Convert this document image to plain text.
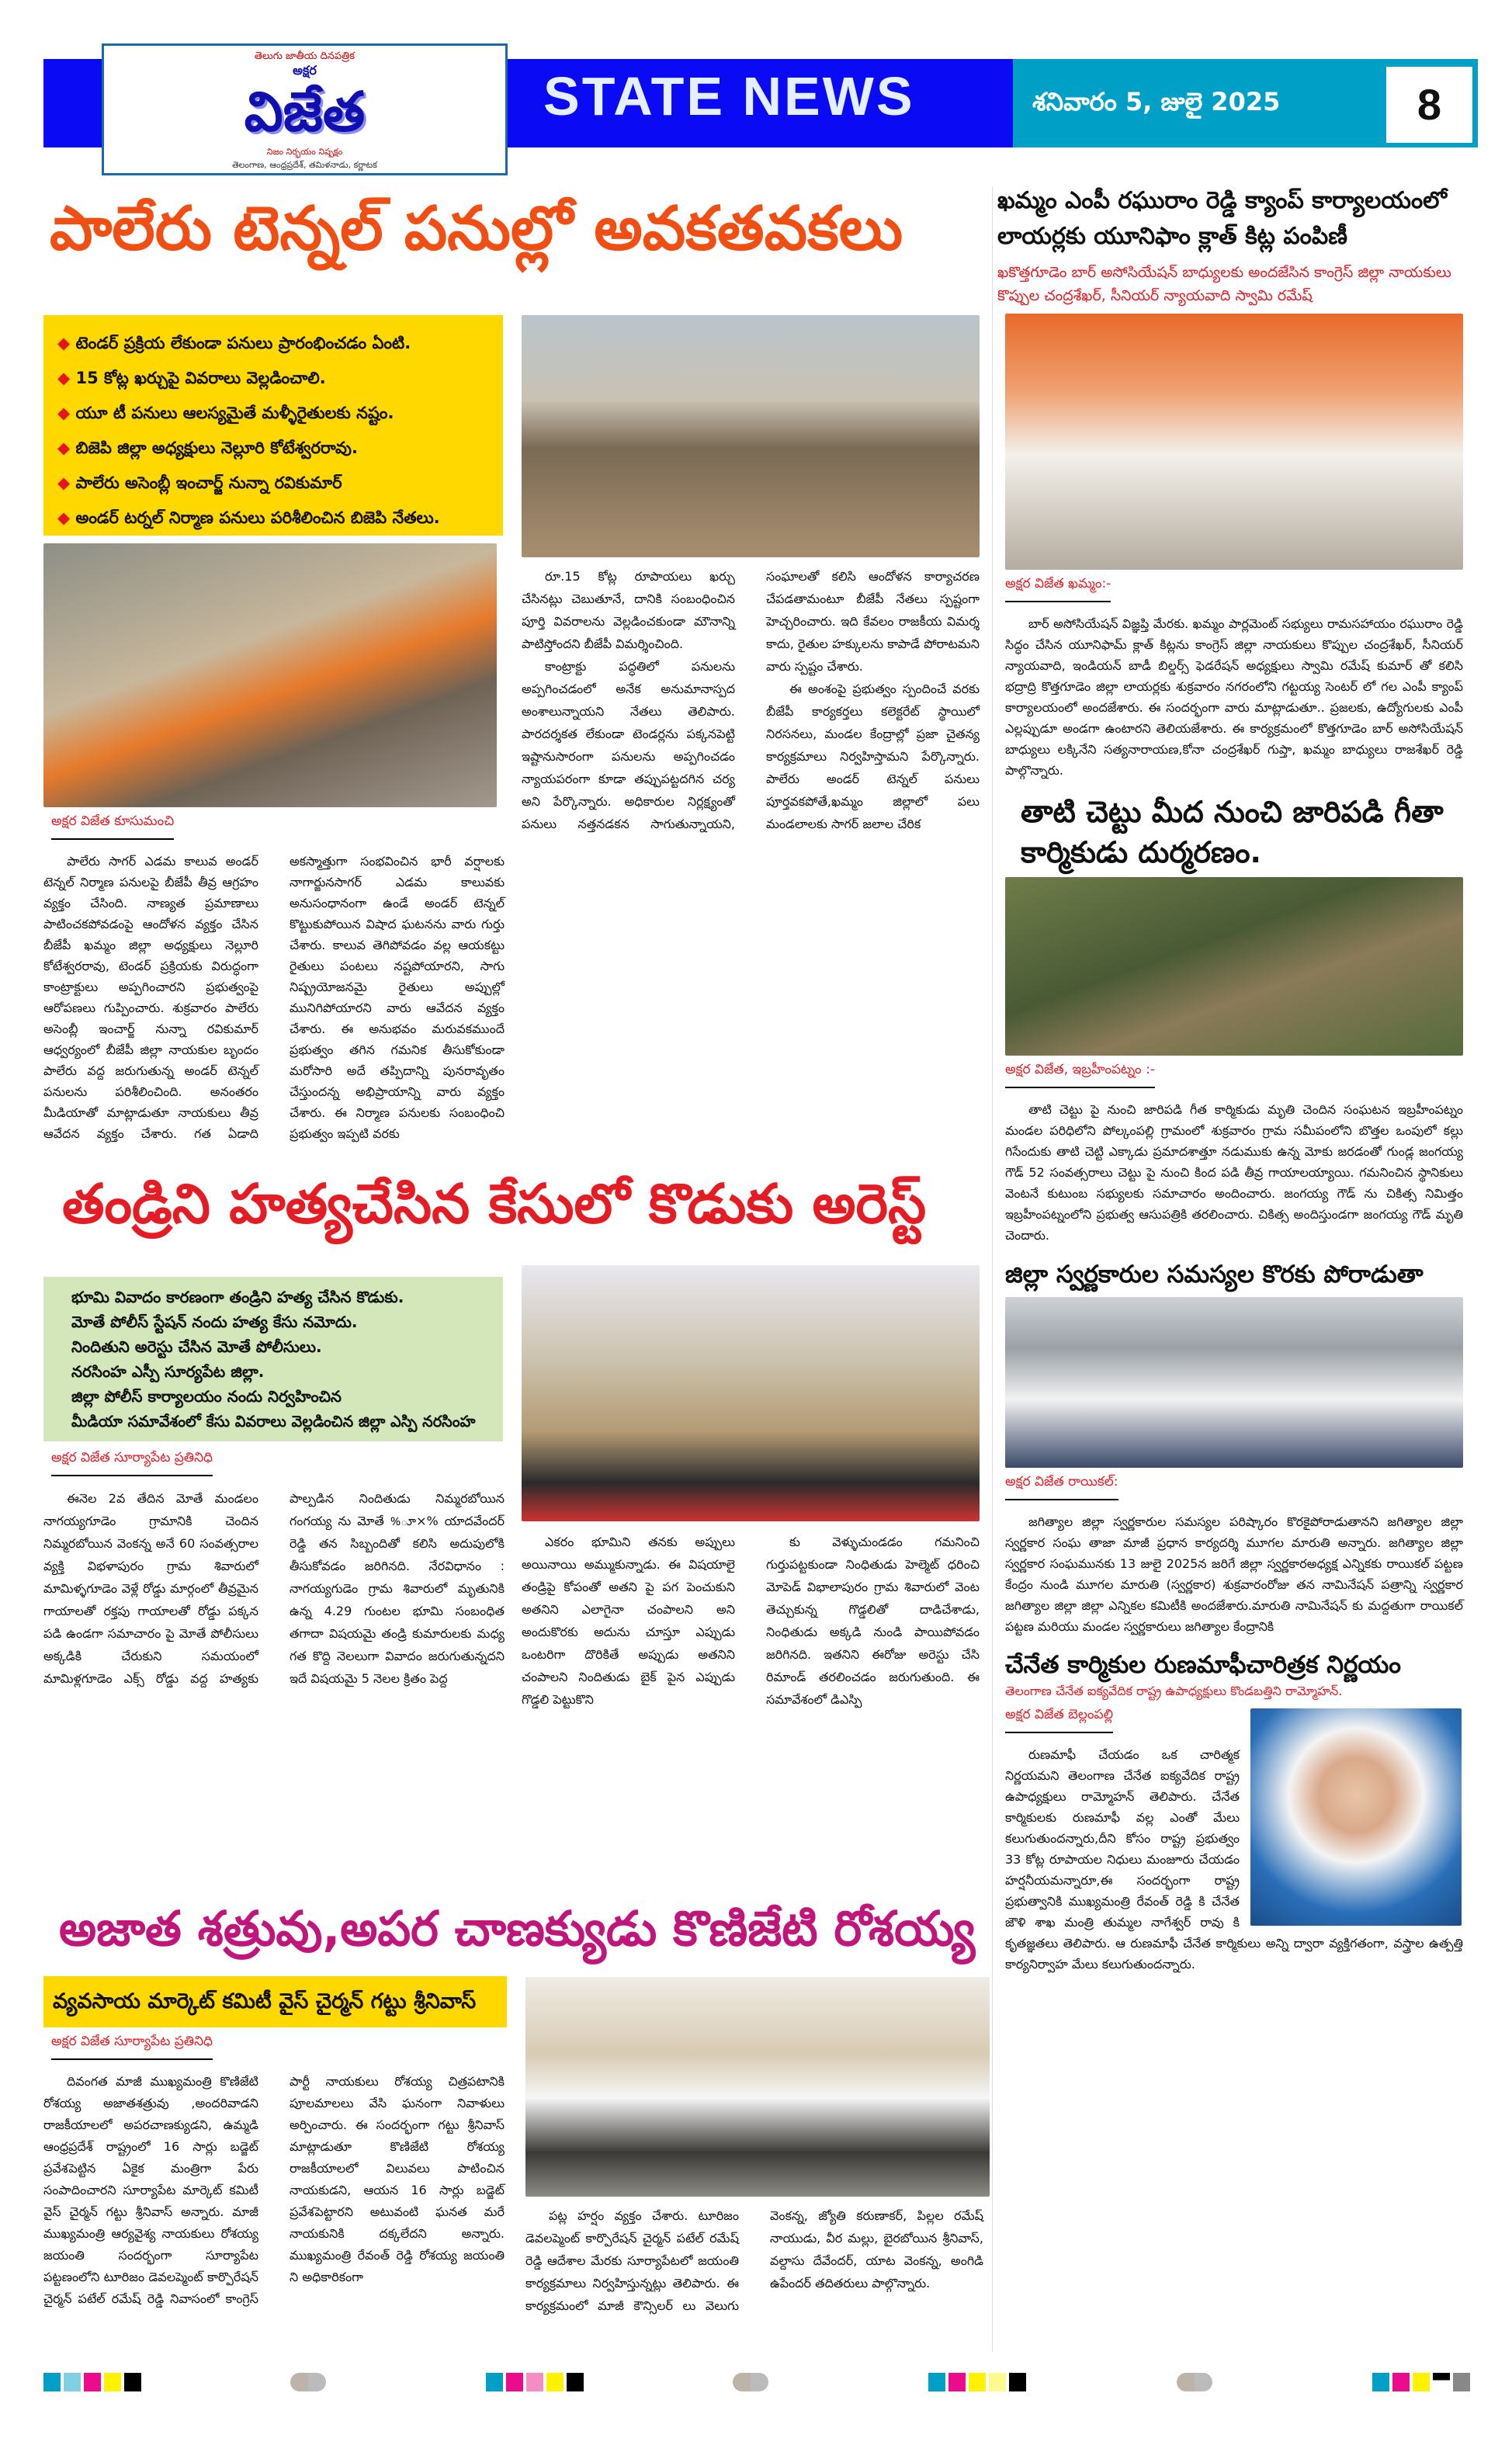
తెలుగు జాతీయ దినపత్రిక
అక్షర
విజేత
నిజం నిర్భయం నిష్పక్షం
తెలంగాణ, ఆంధ్రప్రదేశ్, తమిళనాడు, కర్ణాటక
STATE NEWS	శనివారం 5, జులై 2025	8
పాలేరు టెన్నల్ పనుల్లో అవకతవకలు
◆ టెండర్ ప్రక్రియ లేకుండా పనులు ప్రారంభించడం ఏంటి.
◆ 15 కోట్ల ఖర్చుపై వివరాలు వెల్లడించాలి.
◆ యూ టీ పనులు ఆలస్యమైతే మళ్ళీరైతులకు నష్టం.
◆ బిజెపి జిల్లా అధ్యక్షులు నెల్లూరి కోటేశ్వరరావు.
◆ పాలేరు అసెంబ్లీ ఇంచార్జ్ నున్నా రవికుమార్
◆ అండర్ టర్నల్ నిర్మాణ పనులు పరిశీలించిన బిజెపి నేతలు.
అక్షర విజేత కూసుమంచి

పాలేరు సాగర్ ఎడమ కాలువ అండర్ టెన్నల్ నిర్మాణ పనులపై బీజేపీ తీవ్ర ఆగ్రహం వ్యక్తం చేసింది. నాణ్యత ప్రమాణాలు పాటించకపోవడంపై ఆందోళన వ్యక్తం చేసిన బీజేపీ ఖమ్మం జిల్లా అధ్యక్షులు నెల్లూరి కోటేశ్వరరావు, టెండర్ ప్రక్రియకు విరుద్ధంగా కాంట్రాక్టులు అప్పగించారని ప్రభుత్వంపై ఆరోపణలు గుప్పించారు. శుక్రవారం పాలేరు అసెంబ్లీ ఇంచార్జ్ నున్నా రవికుమార్ ఆధ్వర్యంలో బీజేపీ జిల్లా నాయకుల బృందం పాలేరు వద్ద జరుగుతున్న అండర్ టెన్నల్ పనులను పరిశీలించింది. అనంతరం మీడియాతో మాట్లాడుతూ నాయకులు తీవ్ర ఆవేదన వ్యక్తం చేశారు. గత ఏడాది అకస్మాత్తుగా సంభవించిన భారీ వర్షాలకు నాగార్జునసాగర్ ఎడమ కాలువకు అనుసంధానంగా ఉండే అండర్ టెన్నల్ కొట్టుకుపోయిన విషాద ఘటనను వారు గుర్తు చేశారు. కాలువ తెగిపోవడం వల్ల ఆయకట్టు రైతులు పంటలు నష్టపోయారని, సాగు నిష్ప్రయోజనమై రైతులు అప్పుల్లో మునిగిపోయారని వారు ఆవేదన వ్యక్తం చేశారు. ఈ అనుభవం మరువకముందే ప్రభుత్వం తగిన గమనిక తీసుకోకుండా మరోసారి అదే తప్పిదాన్ని పునరావృతం చేస్తుందన్న అభిప్రాయాన్ని వారు వ్యక్తం చేశారు. ఈ నిర్మాణ పనులకు సంబంధించి ప్రభుత్వం ఇప్పటి వరకు

రూ.15 కోట్ల రూపాయలు ఖర్చు చేసినట్లు చెబుతూనే, దానికి సంబంధించిన పూర్తి వివరాలను వెల్లడించకుండా మౌనాన్ని పాటిస్తోందని బీజేపీ విమర్శించింది.

కాంట్రాక్టు పద్ధతిలో పనులను అప్పగించడంలో అనేక అనుమానాస్పద అంశాలున్నాయని నేతలు తెలిపారు. పారదర్శకత లేకుండా టెండర్లను పక్కనపెట్టి ఇష్టానుసారంగా పనులను అప్పగించడం న్యాయపరంగా కూడా తప్పుపట్టదగిన చర్య అని పేర్కొన్నారు. అధికారుల నిర్లక్ష్యంతో పనులు నత్తనడకన సాగుతున్నాయని, సంఘాలతో కలిసి ఆందోళన కార్యాచరణ చేపడతామంటూ బీజేపీ నేతలు స్పష్టంగా హెచ్చరించారు. ఇది కేవలం రాజకీయ విమర్శ కాదు, రైతుల హక్కులను కాపాడే పోరాటమని వారు స్పష్టం చేశారు.

ఈ అంశంపై ప్రభుత్వం స్పందించే వరకు బీజేపీ కార్యకర్తలు కలెక్టరేట్ స్థాయిలో నిరసనలు, మండల కేంద్రాల్లో ప్రజా చైతన్య కార్యక్రమాలు నిర్వహిస్తామని పేర్కొన్నారు. పాలేరు అండర్ టెన్నల్ పనులు పూర్తవకపోతే,ఖమ్మం జిల్లాలో పలు మండలాలకు సాగర్ జలాల చేరిక

తండ్రిని హత్యచేసిన కేసులో కొడుకు అరెస్ట్
భూమి వివాదం కారణంగా తండ్రిని హత్య చేసిన కొడుకు.
మోతే పోలీస్ స్టేషన్ నందు హత్య కేసు నమోదు.
నిందితుని అరెస్టు చేసిన మోతే పోలీసులు.
నరసింహ ఎస్పీ సూర్యపేట జిల్లా.
జిల్లా పోలీస్ కార్యాలయం నందు నిర్వహించిన
మీడియా సమావేశంలో కేసు వివరాలు వెల్లడించిన జిల్లా ఎస్పి నరసింహ
అక్షర విజేత సూర్యాపేట ప్రతినిధి

ఈనెల 2వ తేదిన మోతే మండలం నాగయ్యగూడెం గ్రామానికి చెందిన నిమ్మరబోయిన వెంకన్న అనే 60 సంవత్సరాల వ్యక్తి విభళాపురం గ్రామ శివారులో మామిళ్ళగూడెం వెళ్లే రోడ్డు మార్గంలో తీవ్రమైన గాయాలతో రక్తపు గాయాలతో రోడ్డు పక్కన పడి ఉండగా సమాచారం పై మోతే పోలీసులు అక్కడికి చేరుకుని సమయంలో మామిళ్లగూడెం ఎక్స్ రోడ్డు వద్ద హత్యకు పాల్పడిన నిందితుడు నిమ్మరబోయిన గంగయ్య ను మోతే %ూ×% యాదవేందర్ రెడ్డి తన సిబ్బందితో కలిసి అదుపులోకి తీసుకోవడం జరిగినది. నేరవిధానం : నాగయ్యగుడెం గ్రామ శివారులో మృతునికి ఉన్న 4.29 గుంటల భూమి సంబంధిత తగాదా విషయమై తండ్రి కుమారులకు మధ్య గత కొద్ది నెలలుగా వివాదం జరుగుతున్నదని ఇదే విషయమై 5 నెలల క్రితం పెద్ద

ఎకరం భూమిని తనకు అప్పులు అయినాయి అమ్ముకున్నాడు. ఈ విషయాలై తండ్రిపై కోపంతో అతని పై పగ పెంచుకుని అతనిని ఎలాగైనా చంపాలని అని అందుకొరకు అదును చూస్తూ ఎప్పుడు ఒంటరిగా దొరికితే అప్పుడు అతనిని చంపాలని నిందితుడు బైక్ పైన ఎప్పుడు గొడ్డలి పెట్టుకొని

కు వెళ్ళుచుండడం గమనించి గుర్తుపట్టకుండా నింధితుడు హెల్మెట్ ధరించి మోపెడ్ విభాలాపురం గ్రామ శివారులో వెంట తెచ్చుకున్న గొడ్డలితో దాడిచేశాడు, నింధితుడు అక్కడి నుండి పాయిపోవడం జరిగినది. ఇతనిని ఈరోజు అరెస్టు చేసి రిమాండ్ తరలించడం జరుగుతుంది. ఈ సమావేశంలో డిఎస్పి

అజాత శత్రువు,అపర చాణక్యుడు కొణిజేటి రోశయ్య
వ్యవసాయ మార్కెట్ కమిటీ వైస్ చైర్మన్ గట్టు శ్రీనివాస్
అక్షర విజేత సూర్యాపేట ప్రతినిధి

దివంగత మాజీ ముఖ్యమంత్రి కొణిజేటి రోశయ్య అజాతశత్రువు ,అందరివాడని రాజకీయాలలో అపరచాణక్యుడని, ఉమ్మడి ఆంధ్రప్రదేశ్ రాష్ట్రంలో 16 సార్లు బడ్జెట్ ప్రవేశపెట్టిన ఏకైక మంత్రిగా పేరు సంపాదించారని సూర్యాపేట మార్కెట్ కమిటీ వైస్ చైర్మన్ గట్టు శ్రీనివాస్ అన్నారు. మాజీ ముఖ్యమంత్రి ఆర్యవైశ్య నాయకులు రోశయ్య జయంతి సందర్భంగా సూర్యాపేట పట్టణంలోని టూరిజం డెవలప్మెంట్ కార్పొరేషన్ చైర్మన్ పటేల్ రమేష్ రెడ్డి నివాసంలో కాంగ్రెస్ పార్టీ నాయకులు రోశయ్య చిత్రపటానికి పూలమాలలు వేసి ఘనంగా నివాళులు అర్పించారు. ఈ సందర్భంగా గట్టు శ్రీనివాస్ మాట్లాడుతూ కొణిజేటి రోశయ్య రాజకీయాలలో విలువలు పాటించిన నాయకుడని, ఆయన 16 సార్లు బడ్జెట్ ప్రవేశపెట్టారని అటువంటి ఘనత మరే నాయకునికి దక్కలేదని అన్నారు. ముఖ్యమంత్రి రేవంత్ రెడ్డి రోశయ్య జయంతి ని అధికారికంగా

పట్ల హర్షం వ్యక్తం చేశారు. టూరిజం డెవలప్మెంట్ కార్పొరేషన్ చైర్మన్ పటేల్ రమేష్ రెడ్డి ఆదేశాల మేరకు సూర్యాపేటలో జయంతి కార్యక్రమాలు నిర్వహిస్తున్నట్లు తెలిపారు. ఈ కార్యక్రమంలో మాజీ కౌన్సిలర్ లు వెలుగు వెంకన్న, జ్యోతి కరుణాకర్, పిల్లల రమేష్ నాయుడు, వీర మల్లు, బైరబోయిన శ్రీనివాస్, వల్దాసు దేవేందర్, యాట వెంకన్న, అంగిడి ఉపేందర్ తదితరులు పాల్గొన్నారు.

ఖమ్మం ఎంపీ రఘురాం రెడ్డి క్యాంప్ కార్యాలయంలో లాయర్లకు యూనిఫాం క్లాత్ కిట్ల పంపిణీ
ఖకొత్తగూడెం బార్ అసోసియేషన్ బాధ్యులకు అందజేసిన కాంగ్రెస్ జిల్లా నాయకులు కొప్పుల చంద్రశేఖర్, సీనియర్ న్యాయవాది స్వామి రమేష్
అక్షర విజేత ఖమ్మం:-

బార్ అసోసియేషన్ విజ్ఞప్తి మేరకు. ఖమ్మం పార్లమెంట్ సభ్యులు రామసహాయం రఘురాం రెడ్డి సిద్ధం చేసిన యూనిఫామ్ క్లాత్ కిట్లను కాంగ్రెస్ జిల్లా నాయకులు కొప్పుల చంద్రశేఖర్, సీనియర్ న్యాయవాది, ఇండియన్ బాడీ బిల్డర్స్ ఫెడరేషన్ అధ్యక్షులు స్వామి రమేష్ కుమార్ తో కలిసి భద్రాద్రి కొత్తగూడెం జిల్లా లాయర్లకు శుక్రవారం నగరంలోని గట్టయ్య సెంటర్ లో గల ఎంపీ క్యాంప్ కార్యాలయంలో అందజేశారు. ఈ సందర్భంగా వారు మాట్లాడుతూ.. ప్రజలకు, ఉద్యోగులకు ఎంపీ ఎల్లప్పుడూ అండగా ఉంటారని తెలియజేశారు. ఈ కార్యక్రమంలో కొత్తగూడెం బార్ అసోసియేషన్ బాధ్యులు లక్కినేని సత్యనారాయణ,కోనా చంద్రశేఖర్ గుప్తా, ఖమ్మం బాధ్యులు రాజశేఖర్ రెడ్డి పాల్గొన్నారు.

తాటి చెట్టు మీద నుంచి జారిపడి గీతా కార్మికుడు దుర్మరణం.
అక్షర విజేత, ఇబ్రహీంపట్నం :-

తాటి చెట్టు పై నుంచి జారిపడి గీత కార్మికుడు మృతి చెందిన సంఘటన ఇబ్రహీంపట్నం మండల పరిధిలోని పోల్కంపల్లి గ్రామంలో శుక్రవారం గ్రామ సమీపంలోని బొత్తల ఒంపులో కల్లు గిసేందుకు తాటి చెట్టి ఎక్కాడు ప్రమాదశాత్తూ నడుముకు ఉన్న మోకు జరడంతో గుండ్ల జంగయ్య గౌడ్ 52 సంవత్సరాలు చెట్టు పై నుంచి కింద పడి తీవ్ర గాయాలయ్యాయి. గమనించిన స్థానికులు వెంటనే కుటుంబ సభ్యులకు సమాచారం అందించారు. జంగయ్య గౌడ్ ను చికిత్స నిమిత్తం ఇబ్రహీంపట్నంలోని ప్రభుత్వ ఆసుపత్రికి తరలించారు. చికిత్స అందిస్తుండగా జంగయ్య గౌడ్ మృతి చెందారు.

జిల్లా స్వర్ణకారుల సమస్యల కొరకు పోరాడుతా
అక్షర విజేత రాయికల్:

జగిత్యాల జిల్లా స్వర్ణకారుల సమస్యల పరిష్కారం కొరకైపోరాడుతానని జగిత్యాల జిల్లా స్వర్ణకార సంఘ తాజా మాజీ ప్రధాన కార్యదర్శి మూగల మారుతి అన్నారు. జగిత్యాల జిల్లా స్వర్ణకార సంఘమునకు 13 జులై 2025న జరిగే జిల్లా స్వర్ణకారఅధ్యక్ష ఎన్నికకు రాయికల్ పట్టణ కేంద్రం నుండి మూగల మారుతి (స్వర్ణకార) శుక్రవారంరోజు తన నామినేషన్ పత్రాన్ని స్వర్ణకార జగిత్యాల జిల్లా జిల్లా ఎన్నికల కమిటీకి అందజేశారు.మారుతి నామినేషన్ కు మద్దతుగా రాయికల్ పట్టణ మరియు మండల స్వర్ణకారులు జగిత్యాల కేంద్రానికి

చేనేత కార్మికుల రుణమాఫీచారిత్రక నిర్ణయం
తెలంగాణ చేనేత ఐక్యవేదిక రాష్ట్ర ఉపాధ్యక్షులు కొండబత్తిని రామ్మోహన్.
అక్షర విజేత బెల్లంపల్లి

రుణమాఫీ చేయడం ఒక చారిత్మక నిర్ణయమని తెలంగాణ చేనేత ఐక్యవేదిక రాష్ట్ర ఉపాధ్యక్షులు రామ్మోహన్ తెలిపారు. చేనేత కార్మికులకు రుణమాఫీ వల్ల ఎంతో మేలు కలుగుతుందన్నారు,దీని కోసం రాష్ట్ర ప్రభుత్వం 33 కోట్ల రూపాయల నిధులు మంజూరు చేయడం హర్షనీయమన్నారూ,ఈ సందర్భంగా రాష్ట్ర ప్రభుత్వానికి ముఖ్యమంత్రి రేవంత్ రెడ్డి కి చేనేత జౌళి శాఖ మంత్రి తుమ్మల నాగేశ్వర్ రావు కి కృతజ్ఞతలు తెలిపారు. ఆ రుణమాఫీ చేనేత కార్మికులు అన్ని ద్వారా వ్యక్తిగతంగా, వస్త్రాల ఉత్పత్తి కార్యనిర్వాహ మేలు కలుగుతుందన్నారు.
